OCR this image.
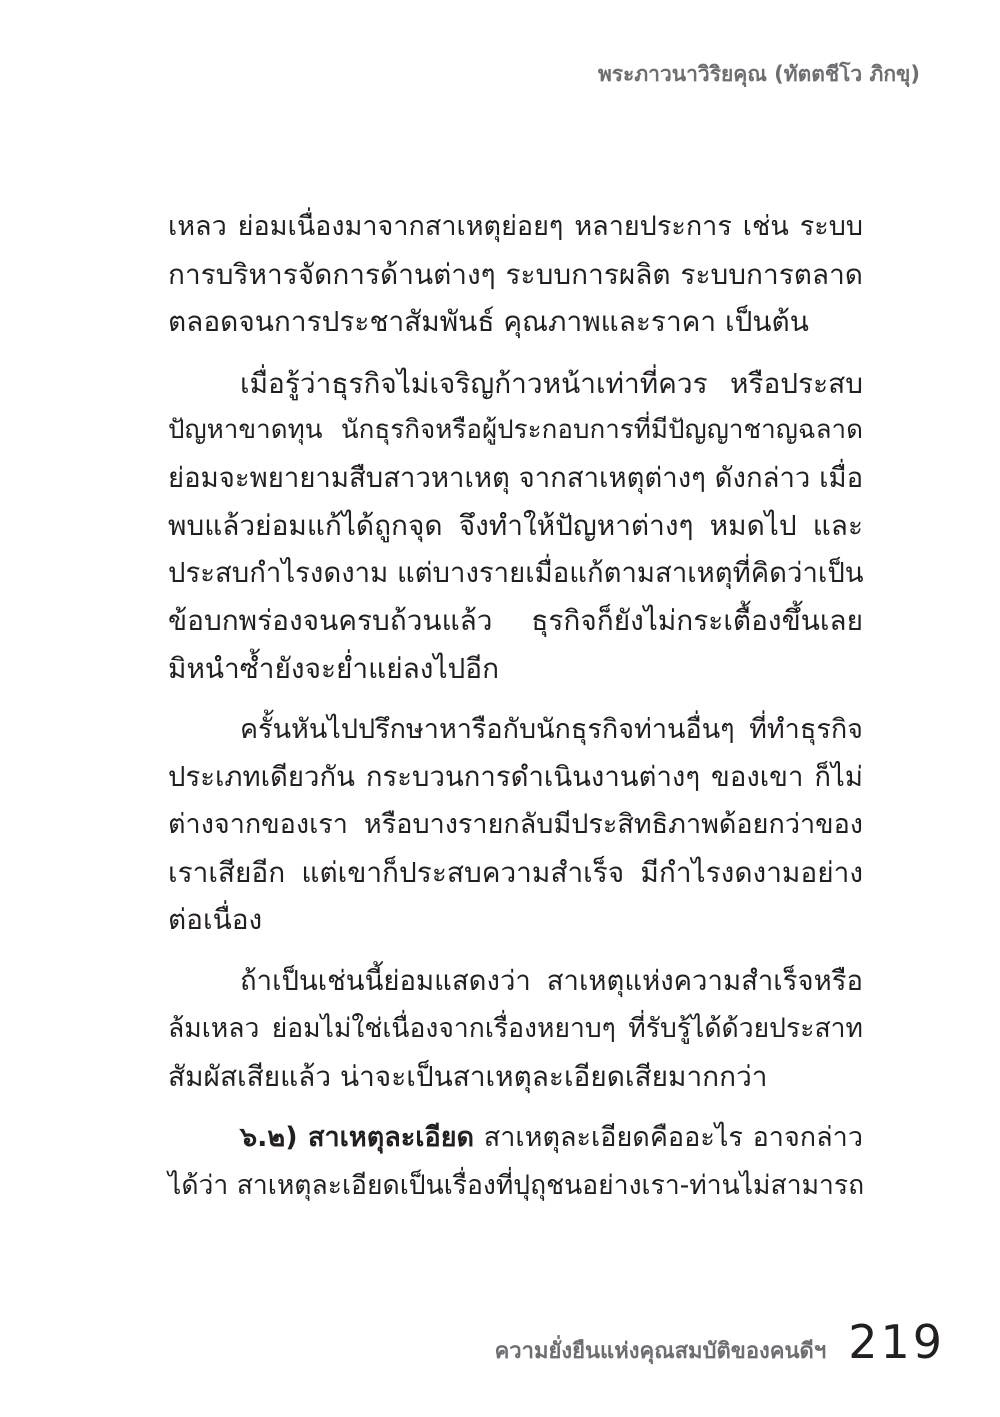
พระภาวนาวิริยคุณ (ทัตตชีโว ภิกขุ)
เหลว ย่อมเนื่องมาจากสาเหตุย่อยๆ หลายประการ เช่น ระบบ
การบริหารจัดการด้านต่างๆ ระบบการผลิต ระบบการตลาด
ตลอดจนการประชาสัมพันธ์ คุณภาพและราคา เป็นต้น
เมื่อรู้ว่าธุรกิจไม่เจริญก้าวหน้าเท่าที่ควร หรือประสบ
ปัญหาขาดทุน นักธุรกิจหรือผู้ประกอบการที่มีปัญญาชาญฉลาด
ย่อมจะพยายามสืบสาวหาเหตุ จากสาเหตุต่างๆ ดังกล่าว เมื่อ
พบแล้วย่อมแก้ได้ถูกจุด จึงทำให้ปัญหาต่างๆ หมดไป และ
ประสบกำไรงดงาม แต่บางรายเมื่อแก้ตามสาเหตุที่คิดว่าเป็น
ข้อบกพร่องจนครบถ้วนแล้ว ธุรกิจก็ยังไม่กระเตื้องขึ้นเลย
มิหนำซ้ำยังจะย่ำแย่ลงไปอีก
ครั้นหันไปปรึกษาหารือกับนักธุรกิจท่านอื่นๆ ที่ทำธุรกิจ
ประเภทเดียวกัน กระบวนการดำเนินงานต่างๆ ของเขา ก็ไม่
ต่างจากของเรา หรือบางรายกลับมีประสิทธิภาพด้อยกว่าของ
เราเสียอีก แต่เขาก็ประสบความสำเร็จ มีกำไรงดงามอย่าง
ต่อเนื่อง
ถ้าเป็นเช่นนี้ย่อมแสดงว่า สาเหตุแห่งความสำเร็จหรือ
ล้มเหลว ย่อมไม่ใช่เนื่องจากเรื่องหยาบๆ ที่รับรู้ได้ด้วยประสาท
สัมผัสเสียแล้ว น่าจะเป็นสาเหตุละเอียดเสียมากกว่า
๖.๒) สาเหตุละเอียด สาเหตุละเอียดคืออะไร อาจกล่าว
ได้ว่า สาเหตุละเอียดเป็นเรื่องที่ปุถุชนอย่างเรา-ท่านไม่สามารถ
ความยั่งยืนแห่งคุณสมบัติของคนดีฯ 219
